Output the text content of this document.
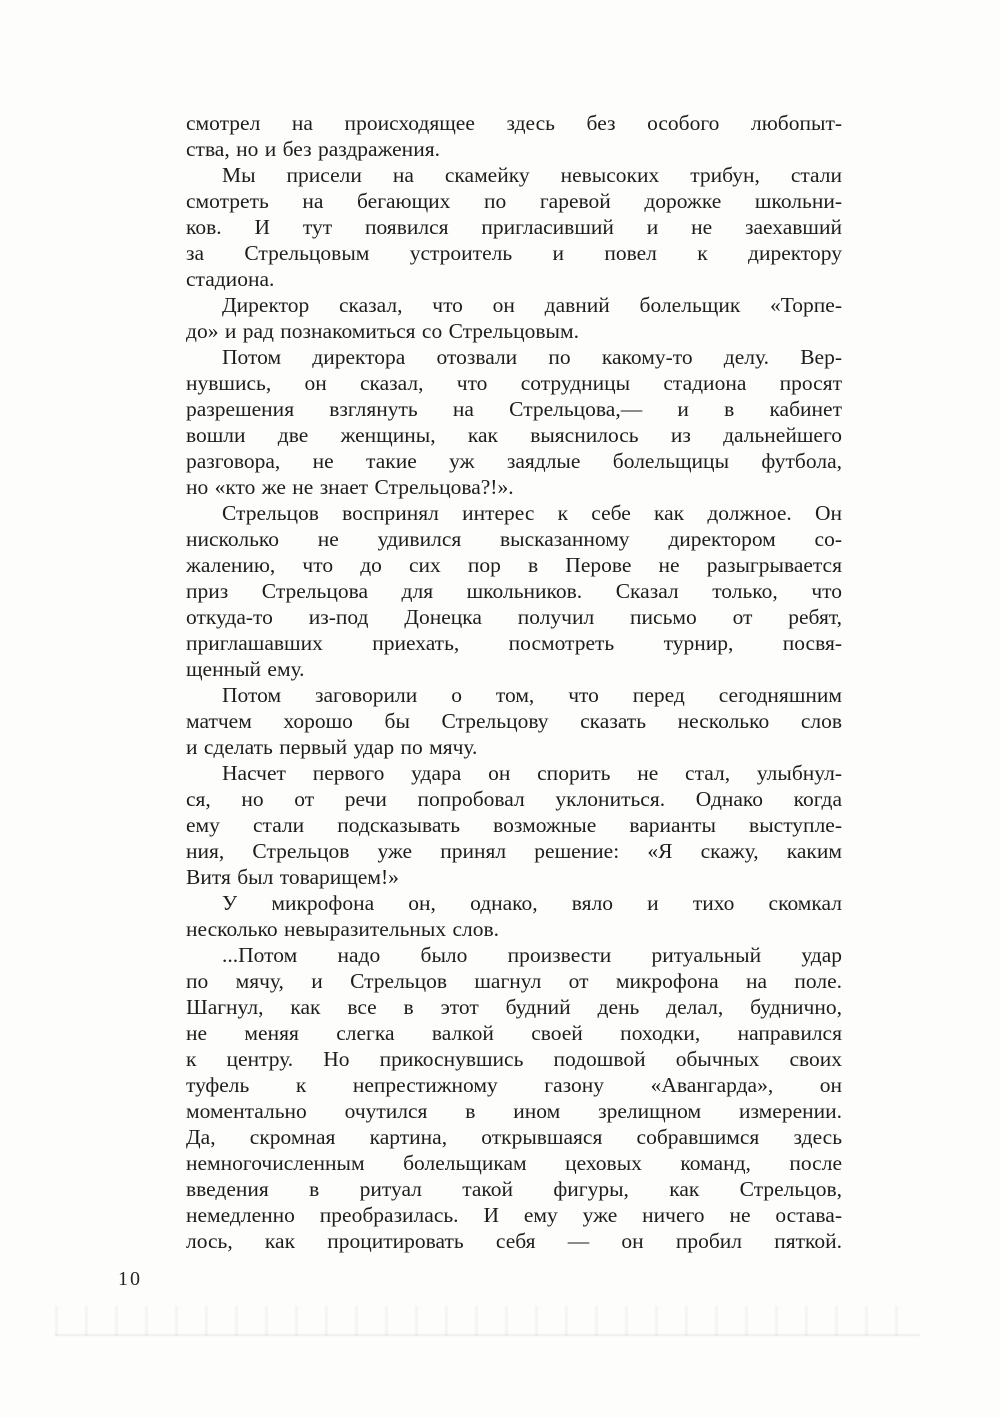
смотрел на происходящее здесь без особого любопыт-
ства, но и без раздражения.
Мы присели на скамейку невысоких трибун, стали
смотреть на бегающих по гаревой дорожке школьни-
ков. И тут появился пригласивший и не заехавший
за Стрельцовым устроитель и повел к директору
стадиона.
Директор сказал, что он давний болельщик «Торпе-
до» и рад познакомиться со Стрельцовым.
Потом директора отозвали по какому-то делу. Вер-
нувшись, он сказал, что сотрудницы стадиона просят
разрешения взглянуть на Стрельцова,— и в кабинет
вошли две женщины, как выяснилось из дальнейшего
разговора, не такие уж заядлые болельщицы футбола,
но «кто же не знает Стрельцова?!».
Стрельцов воспринял интерес к себе как должное. Он
нисколько не удивился высказанному директором со-
жалению, что до сих пор в Перове не разыгрывается
приз Стрельцова для школьников. Сказал только, что
откуда-то из-под Донецка получил письмо от ребят,
приглашавших приехать, посмотреть турнир, посвя-
щенный ему.
Потом заговорили о том, что перед сегодняшним
матчем хорошо бы Стрельцову сказать несколько слов
и сделать первый удар по мячу.
Насчет первого удара он спорить не стал, улыбнул-
ся, но от речи попробовал уклониться. Однако когда
ему стали подсказывать возможные варианты выступле-
ния, Стрельцов уже принял решение: «Я скажу, каким
Витя был товарищем!»
У микрофона он, однако, вяло и тихо скомкал
несколько невыразительных слов.
...Потом надо было произвести ритуальный удар
по мячу, и Стрельцов шагнул от микрофона на поле.
Шагнул, как все в этот будний день делал, буднично,
не меняя слегка валкой своей походки, направился
к центру. Но прикоснувшись подошвой обычных своих
туфель к непрестижному газону «Авангарда», он
моментально очутился в ином зрелищном измерении.
Да, скромная картина, открывшаяся собравшимся здесь
немногочисленным болельщикам цеховых команд, после
введения в ритуал такой фигуры, как Стрельцов,
немедленно преобразилась. И ему уже ничего не остава-
лось, как процитировать себя — он пробил пяткой.
10
